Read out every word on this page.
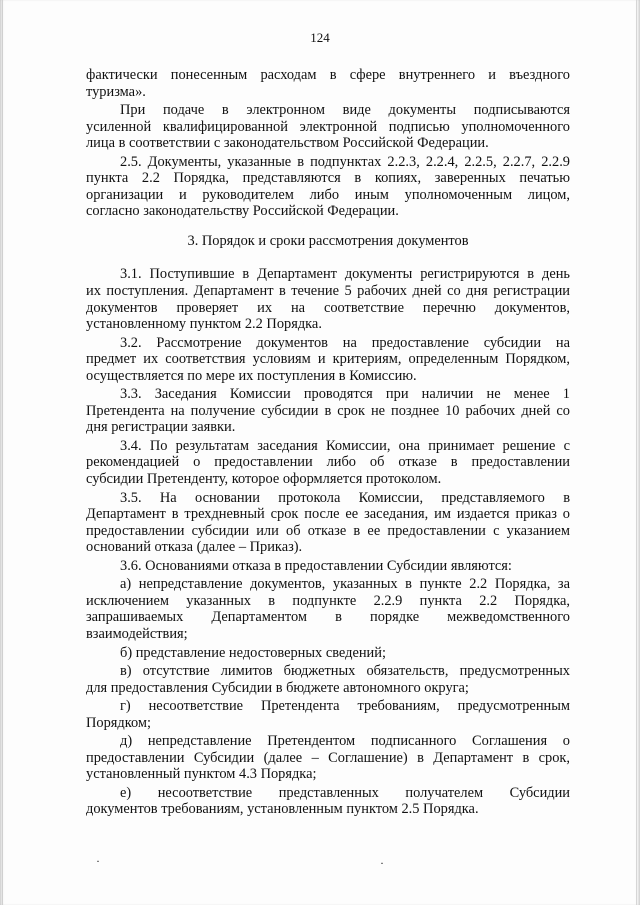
124

фактически понесенным расходам в сфере внутреннего и въездного

туризма».

При подаче в электронном виде документы подписываются

усиленной квалифицированной электронной подписью уполномоченного

лица в соответствии с законодательством Российской Федерации.

2.5. Документы, указанные в подпунктах 2.2.3, 2.2.4, 2.2.5, 2.2.7, 2.2.9

пункта 2.2 Порядка, представляются в копиях, заверенных печатью

организации и руководителем либо иным уполномоченным лицом,

согласно законодательству Российской Федерации.

3. Порядок и сроки рассмотрения документов

3.1. Поступившие в Департамент документы регистрируются в день

их поступления. Департамент в течение 5 рабочих дней со дня регистрации

документов проверяет их на соответствие перечню документов,

установленному пунктом 2.2 Порядка.

3.2. Рассмотрение документов на предоставление субсидии на

предмет их соответствия условиям и критериям, определенным Порядком,

осуществляется по мере их поступления в Комиссию.

3.3. Заседания Комиссии проводятся при наличии не менее 1

Претендента на получение субсидии в срок не позднее 10 рабочих дней со

дня регистрации заявки.

3.4. По результатам заседания Комиссии, она принимает решение с

рекомендацией о предоставлении либо об отказе в предоставлении

субсидии Претенденту, которое оформляется протоколом.

3.5. На основании протокола Комиссии, представляемого в

Департамент в трехдневный срок после ее заседания, им издается приказ о

предоставлении субсидии или об отказе в ее предоставлении с указанием

оснований отказа (далее – Приказ).

3.6. Основаниями отказа в предоставлении Субсидии являются:

а) непредставление документов, указанных в пункте 2.2 Порядка, за

исключением указанных в подпункте 2.2.9 пункта 2.2 Порядка,

запрашиваемых Департаментом в порядке межведомственного

взаимодействия;

б) представление недостоверных сведений;

в) отсутствие лимитов бюджетных обязательств, предусмотренных

для предоставления Субсидии в бюджете автономного округа;

г) несоответствие Претендента требованиям, предусмотренным

Порядком;

д) непредставление Претендентом подписанного Соглашения о

предоставлении Субсидии (далее – Соглашение) в Департамент в срок,

установленный пунктом 4.3 Порядка;

е) несоответствие представленных получателем Субсидии

документов требованиям, установленным пунктом 2.5 Порядка.

·	·
